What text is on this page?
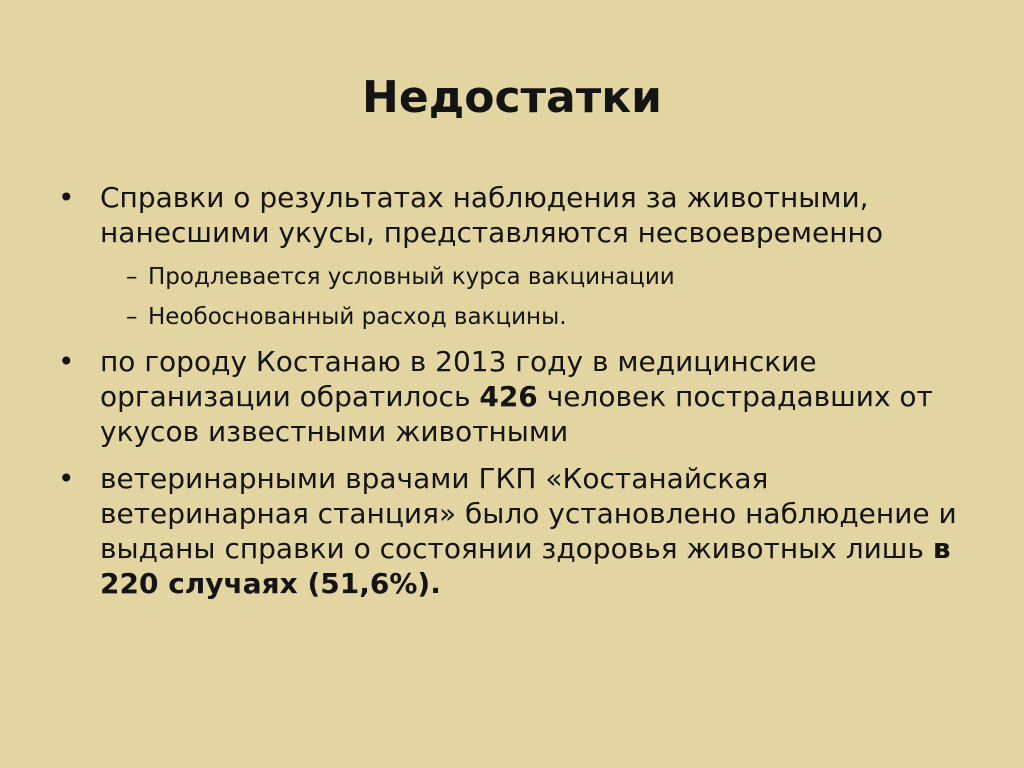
Недостатки
• Справки о результатах наблюдения за животными, нанесшими укусы, представляются несвоевременно
– Продлевается условный курса вакцинации
– Необоснованный расход вакцины.
• по городу Костанаю в 2013 году в медицинские организации обратилось 426 человек пострадавших от укусов известными животными
• ветеринарными врачами ГКП «Костанайская ветеринарная станция» было установлено наблюдение и выданы справки о состоянии здоровья животных лишь в 220 случаях (51,6%).
